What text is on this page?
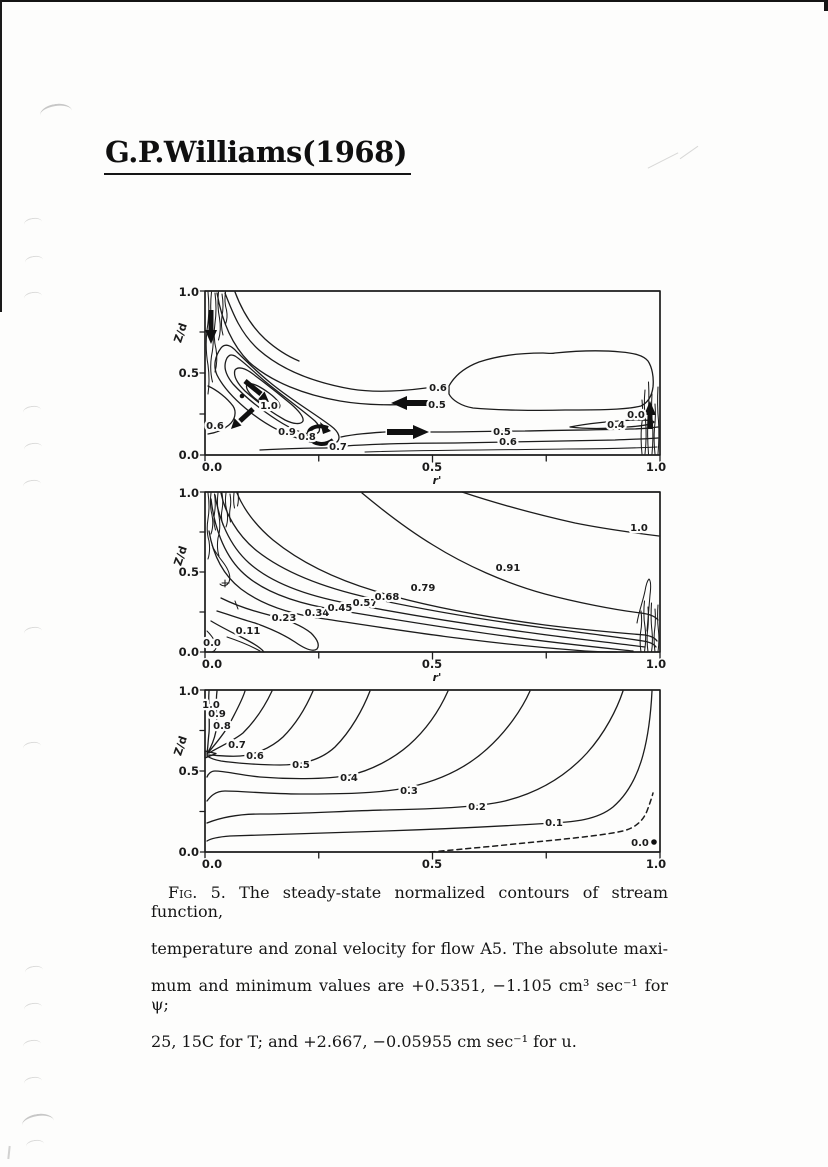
G.P.Williams(1968)
1.0
Z/d
0.5
0.0
0.0	0.5	1.0
r'
0.6
1.0
0.9 0.8
0.7
0.6
0.5
0.5
0.6
0.4
0.0
1.0
Z/d
0.5
0.0
0.0	0.5	1.0
r'
0.0
0.11
0.23 0.34
0.45 0.57
0.68
0.79
0.91
1.0
1.0
Z/d
0.5
0.0
0.0	0.5	1.0
1.0
0.9
0.8
0.7
0.6
0.5
0.4
0.3
0.2
0.1
0.0
Fig. 5. The steady-state normalized contours of stream function,
temperature and zonal velocity for flow A5. The absolute maxi-
mum and minimum values are +0.5351, −1.105 cm³ sec⁻¹ for ψ;
25, 15C for T; and +2.667, −0.05955 cm sec⁻¹ for u.
